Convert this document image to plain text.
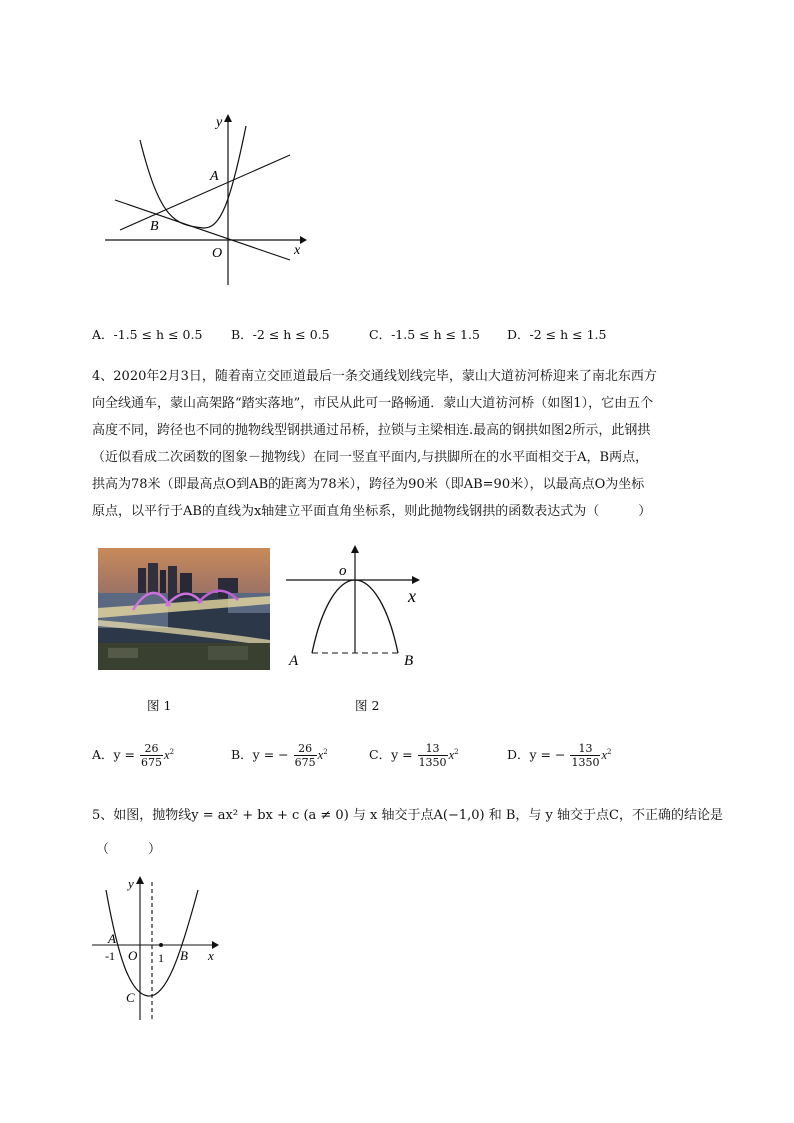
y
x
A
B
O
A．-1.5 ≤ h ≤ 0.5 B．-2 ≤ h ≤ 0.5	C．-1.5 ≤ h ≤ 1.5 D．-2 ≤ h ≤ 1.5
4、2020年2月3日，随着南立交匝道最后一条交通线划线完毕，蒙山大道祊河桥迎来了南北东西方
向全线通车，蒙山高架路“踏实落地”，市民从此可一路畅通．蒙山大道祊河桥（如图1），它由五个
高度不同，跨径也不同的抛物线型钢拱通过吊桥，拉锁与主梁相连.最高的钢拱如图2所示，此钢拱
（近似看成二次函数的图象－抛物线）在同一竖直平面内,与拱脚所在的水平面相交于A，B两点，
拱高为78米（即最高点O到AB的距离为78米），跨径为90米（即AB=90米），以最高点O为坐标
原点，以平行于AB的直线为x轴建立平面直角坐标系，则此抛物线钢拱的函数表达式为（　　　）
o
x
A	B
图 1	图 2
A．$y = \frac{26}{675} x^2$	B．y = − $\frac{26}{675} x^2$	C．$y = \frac{13}{1350} x^2$	D．y = − $\frac{13}{1350} x^2$
5、如图，抛物线y = ax² + bx + c (a ≠ 0) 与 x 轴交于点A(−1,0) 和 B，与 y 轴交于点C，不正确的结论是
（　　　）
y
x
A
-1 O 1 B
C
